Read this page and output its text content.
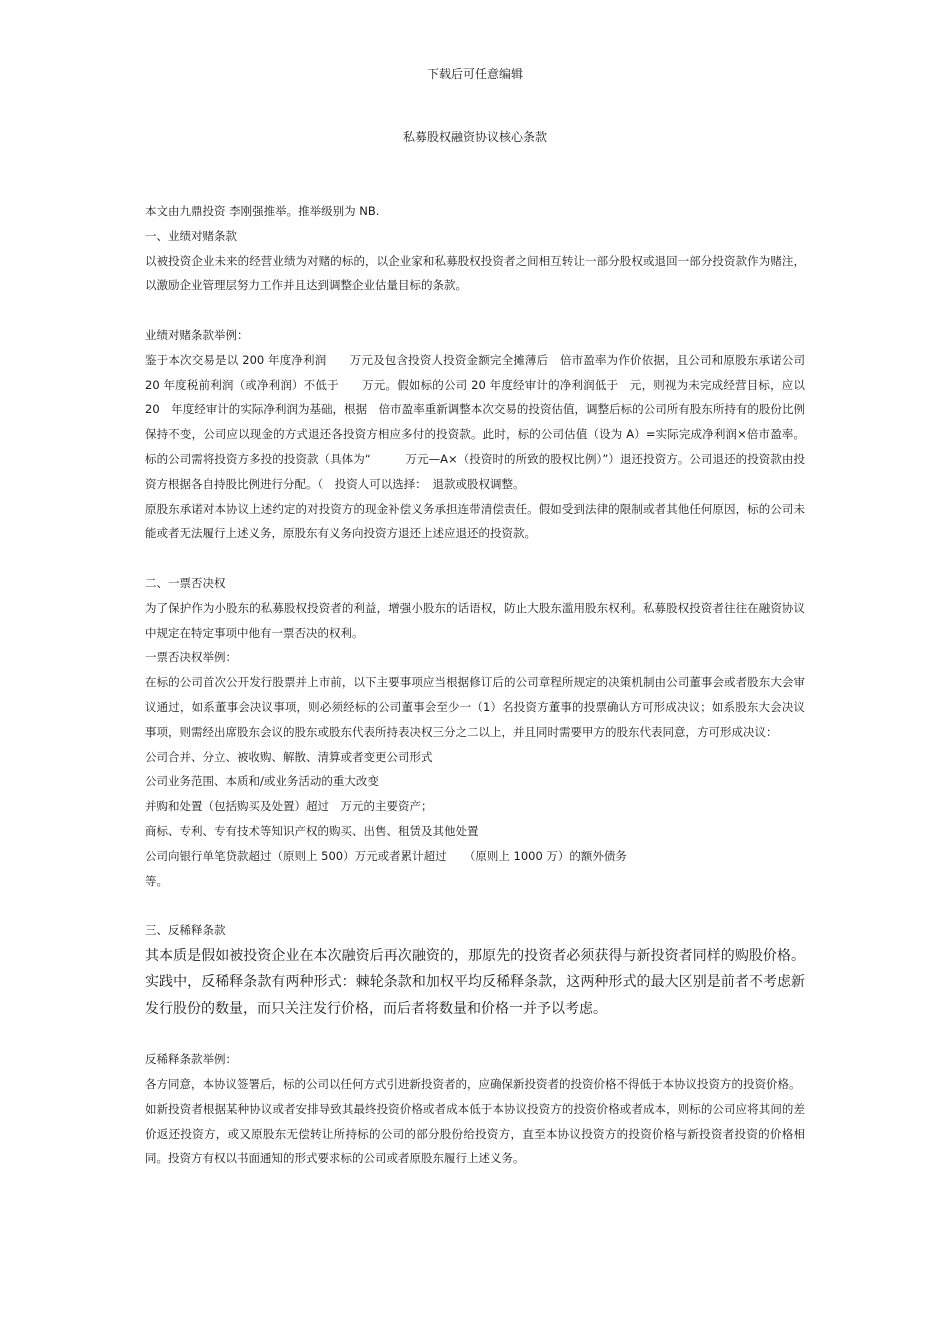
下载后可任意编辑
私募股权融资协议核心条款

本文由九鼎投资 李刚强推举。推举级别为 NB.

一、业绩对赌条款

以被投资企业未来的经营业绩为对赌的标的，以企业家和私募股权投资者之间相互转让一部分股权或退回一部分投资款作为赌注，以激励企业管理层努力工作并且达到调整企业估量目标的条款。

业绩对赌条款举例：

鉴于本次交易是以 200 年度净利润　　万元及包含投资人投资金额完全摊薄后　倍市盈率为作价依据，且公司和原股东承诺公司 20 年度税前利润（或净利润）不低于　　万元。假如标的公司 20 年度经审计的净利润低于　元，则视为未完成经营目标，应以 20　年度经审计的实际净利润为基础，根据　倍市盈率重新调整本次交易的投资估值，调整后标的公司所有股东所持有的股份比例保持不变，公司应以现金的方式退还各投资方相应多付的投资款。此时，标的公司估值（设为 A）=实际完成净利润×倍市盈率。标的公司需将投资方多投的投资款（具体为“　　　万元—A×（投资时的所致的股权比例）”）退还投资方。公司退还的投资款由投资方根据各自持股比例进行分配。（　投资人可以选择：　退款或股权调整。

原股东承诺对本协议上述约定的对投资方的现金补偿义务承担连带清偿责任。假如受到法律的限制或者其他任何原因，标的公司未能或者无法履行上述义务，原股东有义务向投资方退还上述应退还的投资款。

二、一票否决权

为了保护作为小股东的私募股权投资者的利益，增强小股东的话语权，防止大股东滥用股东权利。私募股权投资者往往在融资协议中规定在特定事项中他有一票否决的权利。

一票否决权举例：

在标的公司首次公开发行股票并上市前，以下主要事项应当根据修订后的公司章程所规定的决策机制由公司董事会或者股东大会审议通过，如系董事会决议事项，则必须经标的公司董事会至少一（1）名投资方董事的投票确认方可形成决议；如系股东大会决议事项，则需经出席股东会议的股东或股东代表所持表决权三分之二以上，并且同时需要甲方的股东代表同意，方可形成决议：

公司合并、分立、被收购、解散、清算或者变更公司形式

公司业务范围、本质和/或业务活动的重大改变

并购和处置（包括购买及处置）超过　万元的主要资产；

商标、专利、专有技术等知识产权的购买、出售、租赁及其他处置

公司向银行单笔贷款超过（原则上 500）万元或者累计超过　　（原则上 1000 万）的额外债务

等。

三、反稀释条款

其本质是假如被投资企业在本次融资后再次融资的，那原先的投资者必须获得与新投资者同样的购股价格。实践中，反稀释条款有两种形式：棘轮条款和加权平均反稀释条款，这两种形式的最大区别是前者不考虑新发行股份的数量，而只关注发行价格，而后者将数量和价格一并予以考虑。

反稀释条款举例：

各方同意，本协议签署后，标的公司以任何方式引进新投资者的，应确保新投资者的投资价格不得低于本协议投资方的投资价格。

如新投资者根据某种协议或者安排导致其最终投资价格或者成本低于本协议投资方的投资价格或者成本，则标的公司应将其间的差价返还投资方，或又原股东无偿转让所持标的公司的部分股份给投资方，直至本协议投资方的投资价格与新投资者投资的价格相同。投资方有权以书面通知的形式要求标的公司或者原股东履行上述义务。
